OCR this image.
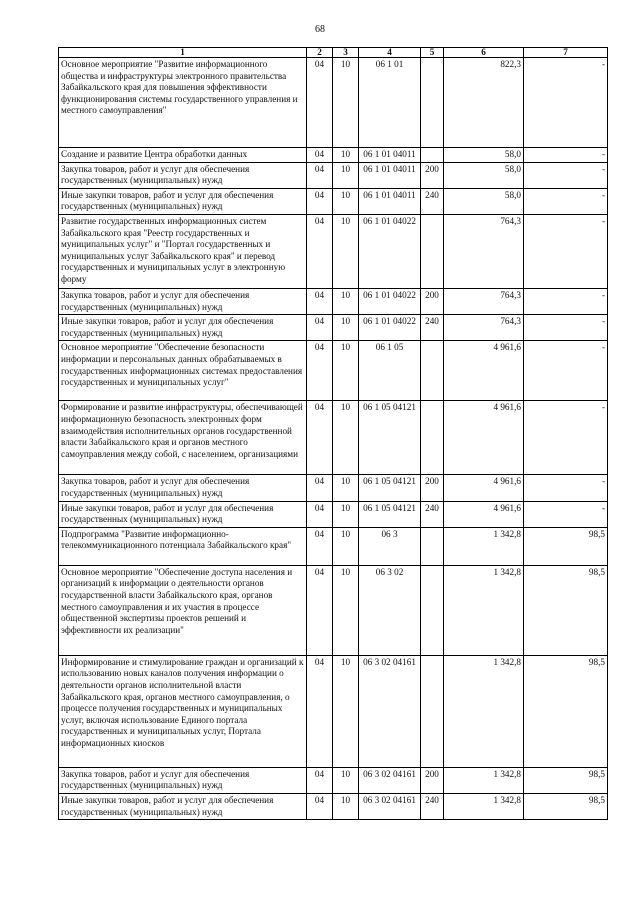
68
1	2	3	4	5	6	7
Основное мероприятие "Развитие информационного общества и инфраструктуры электронного правительства Забайкальского края для повышения эффективности функционирования системы государственного управления и местного самоуправления"	04	10	06 1 01		822,3	-
Создание и развитие Центра обработки данных	04	10	06 1 01 04011		58,0	-
Закупка товаров, работ и услуг для обеспечения государственных (муниципальных) нужд	04	10	06 1 01 04011	200	58,0	-
Иные закупки товаров, работ и услуг для обеспечения государственных (муниципальных) нужд	04	10	06 1 01 04011	240	58,0	-
Развитие государственных информационных систем Забайкальского края "Реестр государственных и муниципальных услуг" и "Портал государственных и муниципальных услуг Забайкальского края" и перевод государственных и муниципальных услуг в электронную форму	04	10	06 1 01 04022		764,3	-
Закупка товаров, работ и услуг для обеспечения государственных (муниципальных) нужд	04	10	06 1 01 04022	200	764,3	-
Иные закупки товаров, работ и услуг для обеспечения государственных (муниципальных) нужд	04	10	06 1 01 04022	240	764,3	-
Основное мероприятие "Обеспечение безопасности информации и персональных данных обрабатываемых в государственных информационных системах предоставления государственных и муниципальных услуг"	04	10	06 1 05		4 961,6	-
Формирование и развитие инфраструктуры, обеспечивающей информационную безопасность электронных форм взаимодействия исполнительных органов государственной власти Забайкальского края и органов местного самоуправления между собой, с населением, организациями	04	10	06 1 05 04121		4 961,6	-
Закупка товаров, работ и услуг для обеспечения государственных (муниципальных) нужд	04	10	06 1 05 04121	200	4 961,6	-
Иные закупки товаров, работ и услуг для обеспечения государственных (муниципальных) нужд	04	10	06 1 05 04121	240	4 961,6	-
Подпрограмма "Развитие информационно-телекоммуникационного потенциала Забайкальского края"	04	10	06 3		1 342,8	98,5
Основное мероприятие "Обеспечение доступа населения и организаций к информации о деятельности органов государственной власти Забайкальского края, органов местного самоуправления и их участия в процессе общественной экспертизы проектов решений и эффективности их реализации"	04	10	06 3 02		1 342,8	98,5
Информирование и стимулирование граждан и организаций к использованию новых каналов получения информации о деятельности органов исполнительной власти Забайкальского края, органов местного самоуправления, о процессе получения государственных и муниципальных услуг, включая использование Единого портала государственных и муниципальных услуг, Портала информационных киосков	04	10	06 3 02 04161		1 342,8	98,5
Закупка товаров, работ и услуг для обеспечения государственных (муниципальных) нужд	04	10	06 3 02 04161	200	1 342,8	98,5
Иные закупки товаров, работ и услуг для обеспечения государственных (муниципальных) нужд	04	10	06 3 02 04161	240	1 342,8	98,5
